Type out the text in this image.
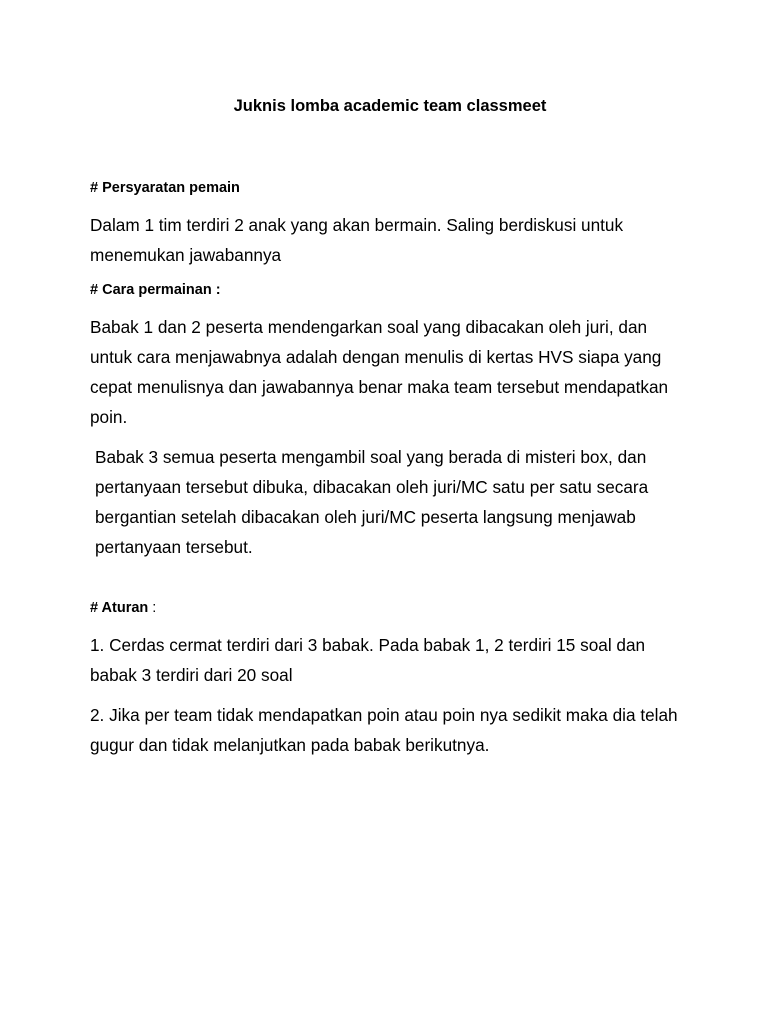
Juknis lomba academic team classmeet
# Persyaratan pemain
Dalam 1 tim terdiri 2 anak yang akan bermain. Saling berdiskusi untuk menemukan jawabannya
# Cara permainan :
Babak 1 dan 2 peserta mendengarkan soal yang dibacakan oleh juri, dan untuk cara menjawabnya adalah dengan menulis di kertas HVS siapa yang cepat menulisnya dan jawabannya benar maka team tersebut mendapatkan poin.
Babak 3 semua peserta mengambil soal yang berada di misteri box, dan pertanyaan tersebut dibuka, dibacakan oleh juri/MC satu per satu secara bergantian setelah dibacakan oleh juri/MC peserta langsung menjawab pertanyaan tersebut.
# Aturan :
1. Cerdas cermat terdiri dari 3 babak. Pada babak 1, 2 terdiri 15 soal dan babak 3 terdiri dari 20 soal
2. Jika per team tidak mendapatkan poin atau poin nya sedikit maka dia telah gugur dan tidak melanjutkan pada babak berikutnya.
